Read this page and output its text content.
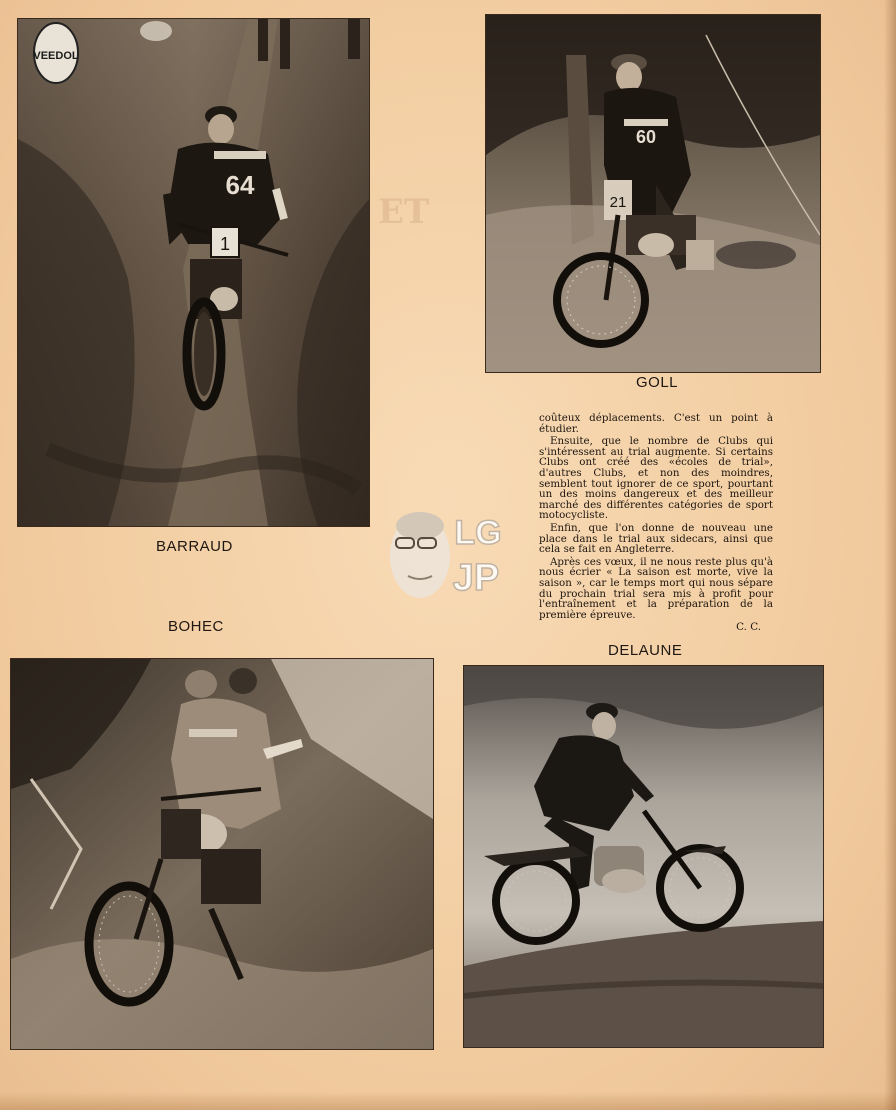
ET
VEEDOL
64
1
60
21
GOLL
BARRAUD
BOHEC
DELAUNE

coûteux déplacements. C'est un point à étudier.

Ensuite, que le nombre de Clubs qui s'intéressent au trial augmente. Si certains Clubs ont créé des «écoles de trial», d'autres Clubs, et non des moindres, semblent tout ignorer de ce sport, pourtant un des moins dangereux et des meilleur marché des différentes catégories de sport motocycliste.

Enfin, que l'on donne de nouveau une place dans le trial aux sidecars, ainsi que cela se fait en Angleterre.

Après ces vœux, il ne nous reste plus qu'à nous écrier « La saison est morte, vive la saison », car le temps mort qui nous sépare du prochain trial sera mis à profit pour l'entraînement et la préparation de la première épreuve.

C. C.

LG
JP
